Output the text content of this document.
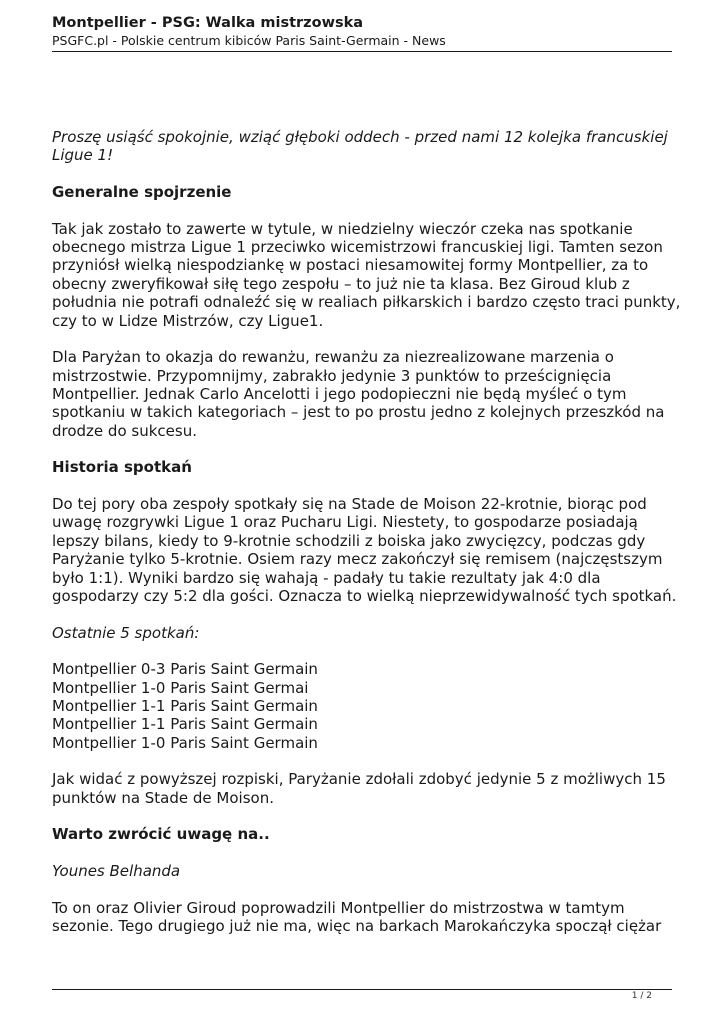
Montpellier - PSG: Walka mistrzowska
PSGFC.pl - Polskie centrum kibiców Paris Saint-Germain - News

Proszę usiąść spokojnie, wziąć głęboki oddech - przed nami 12 kolejka francuskiej
Ligue 1!

Generalne spojrzenie

Tak jak zostało to zawerte w tytule, w niedzielny wieczór czeka nas spotkanie
obecnego mistrza Ligue 1 przeciwko wicemistrzowi francuskiej ligi. Tamten sezon
przyniósł wielką niespodziankę w postaci niesamowitej formy Montpellier, za to
obecny zweryfikował siłę tego zespołu – to już nie ta klasa. Bez Giroud klub z
południa nie potrafi odnaleźć się w realiach piłkarskich i bardzo często traci punkty,
czy to w Lidze Mistrzów, czy Ligue1.

Dla Paryżan to okazja do rewanżu, rewanżu za niezrealizowane marzenia o
mistrzostwie. Przypomnijmy, zabrakło jedynie 3 punktów to prześcignięcia
Montpellier. Jednak Carlo Ancelotti i jego podopieczni nie będą myśleć o tym
spotkaniu w takich kategoriach – jest to po prostu jedno z kolejnych przeszkód na
drodze do sukcesu.

Historia spotkań

Do tej pory oba zespoły spotkały się na Stade de Moison 22-krotnie, biorąc pod
uwagę rozgrywki Ligue 1 oraz Pucharu Ligi. Niestety, to gospodarze posiadają
lepszy bilans, kiedy to 9-krotnie schodzili z boiska jako zwycięzcy, podczas gdy
Paryżanie tylko 5-krotnie. Osiem razy mecz zakończył się remisem (najczęstszym
było 1:1). Wyniki bardzo się wahają - padały tu takie rezultaty jak 4:0 dla
gospodarzy czy 5:2 dla gości. Oznacza to wielką nieprzewidywalność tych spotkań.

Ostatnie 5 spotkań:

Montpellier 0-3 Paris Saint Germain
Montpellier 1-0 Paris Saint Germai
Montpellier 1-1 Paris Saint Germain
Montpellier 1-1 Paris Saint Germain
Montpellier 1-0 Paris Saint Germain

Jak widać z powyższej rozpiski, Paryżanie zdołali zdobyć jedynie 5 z możliwych 15
punktów na Stade de Moison.

Warto zwrócić uwagę na..

Younes Belhanda

To on oraz Olivier Giroud poprowadzili Montpellier do mistrzostwa w tamtym
sezonie. Tego drugiego już nie ma, więc na barkach Marokańczyka spoczął ciężar

1 / 2
